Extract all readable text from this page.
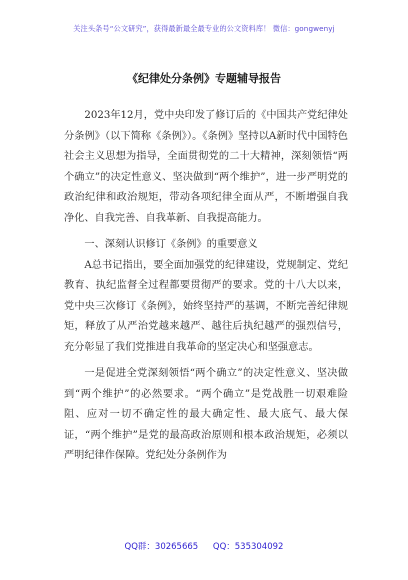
关注头条号“公文研究”，获得最新最全最专业的公文资料库！ 微信：gongwenyj
《纪律处分条例》专题辅导报告

2023年12月，党中央印发了修订后的《中国共产党纪律处分条例》（以下简称《条例》）。《条例》坚持以A新时代中国特色社会主义思想为指导，全面贯彻党的二十大精神，深刻领悟“两个确立”的决定性意义、坚决做到“两个维护”，进一步严明党的政治纪律和政治规矩，带动各项纪律全面从严，不断增强自我净化、自我完善、自我革新、自我提高能力。

一、深刻认识修订《条例》的重要意义

A总书记指出，要全面加强党的纪律建设，党规制定、党纪教育、执纪监督全过程都要贯彻严的要求。党的十八大以来，党中央三次修订《条例》，始终坚持严的基调，不断完善纪律规矩，释放了从严治党越来越严、越往后执纪越严的强烈信号，充分彰显了我们党推进自我革命的坚定决心和坚强意志。

一是促进全党深刻领悟“两个确立”的决定性意义、坚决做到“两个维护”的必然要求。“两个确立”是党战胜一切艰难险阻、应对一切不确定性的最大确定性、最大底气、最大保证，“两个维护”是党的最高政治原则和根本政治规矩，必须以严明纪律作保障。党纪处分条例作为

QQ群：30265665 QQ：535304092
